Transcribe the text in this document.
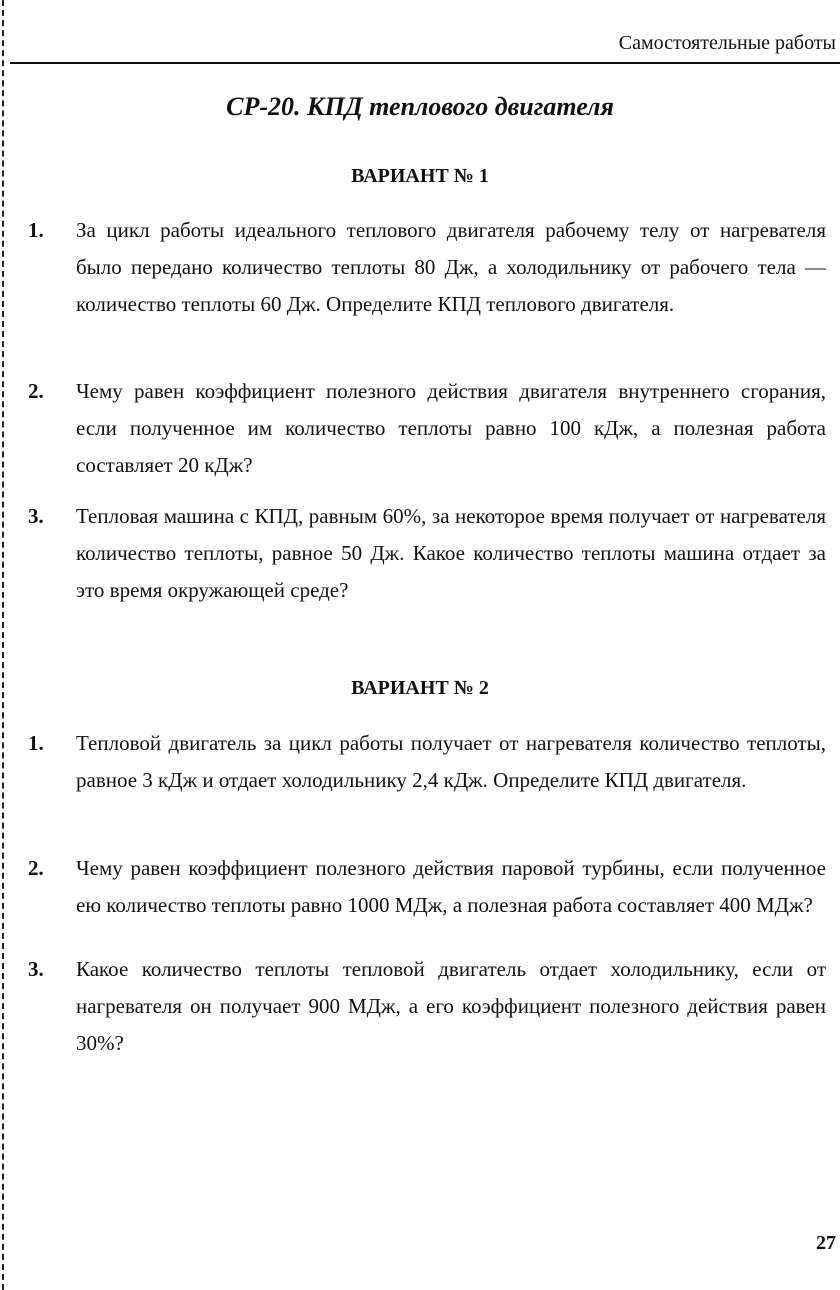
Самостоятельные работы
СР-20. КПД теплового двигателя
ВАРИАНТ № 1
1. За цикл работы идеального теплового двигателя рабочему телу от нагревателя было передано количество теплоты 80 Дж, а холодильнику от рабочего тела — количество теплоты 60 Дж. Определите КПД теплового двигателя.
2. Чему равен коэффициент полезного действия двигателя внутреннего сгорания, если полученное им количество теплоты равно 100 кДж, а полезная работа составляет 20 кДж?
3. Тепловая машина с КПД, равным 60%, за некоторое время получает от нагревателя количество теплоты, равное 50 Дж. Какое количество теплоты машина отдает за это время окружающей среде?
ВАРИАНТ № 2
1. Тепловой двигатель за цикл работы получает от нагревателя количество теплоты, равное 3 кДж и отдает холодильнику 2,4 кДж. Определите КПД двигателя.
2. Чему равен коэффициент полезного действия паровой турбины, если полученное ею количество теплоты равно 1000 МДж, а полезная работа составляет 400 МДж?
3. Какое количество теплоты тепловой двигатель отдает холодильнику, если от нагревателя он получает 900 МДж, а его коэффициент полезного действия равен 30%?
27
